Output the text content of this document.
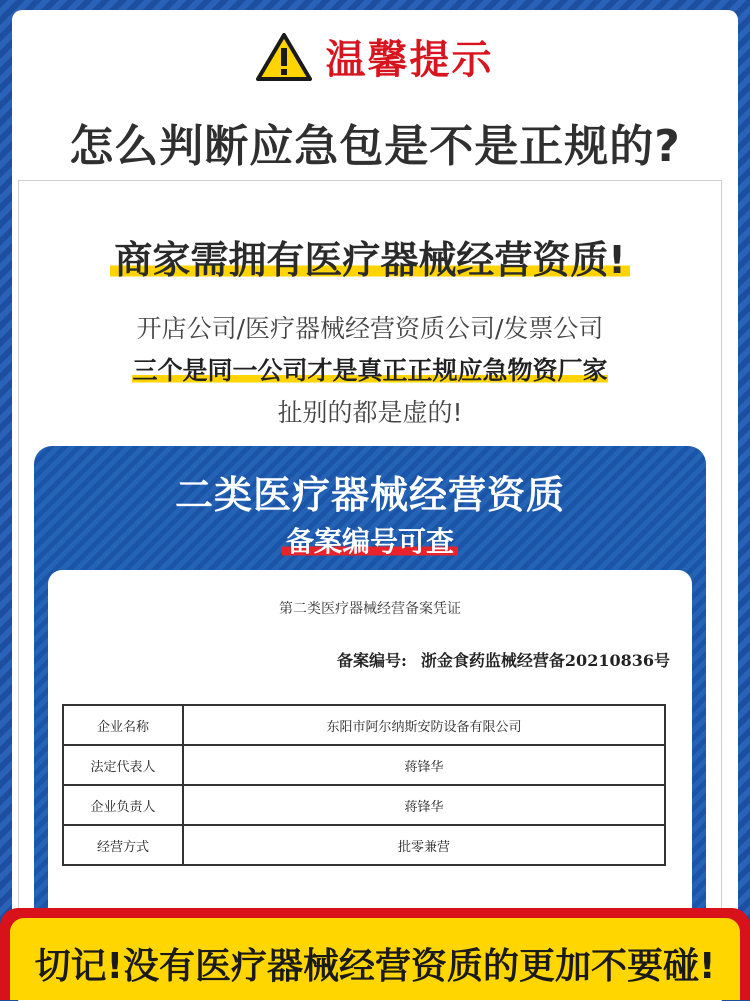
温馨提示
怎么判断应急包是不是正规的?
商家需拥有医疗器械经营资质!
开店公司/医疗器械经营资质公司/发票公司
三个是同一公司才是真正正规应急物资厂家
扯别的都是虚的!
二类医疗器械经营资质
备案编号可查
第二类医疗器械经营备案凭证
备案编号: 浙金食药监械经营备20210836号
企业名称	东阳市阿尔纳斯安防设备有限公司
法定代表人	蒋锋华
企业负责人	蒋锋华
经营方式	批零兼营
切记!没有医疗器械经营资质的更加不要碰!
